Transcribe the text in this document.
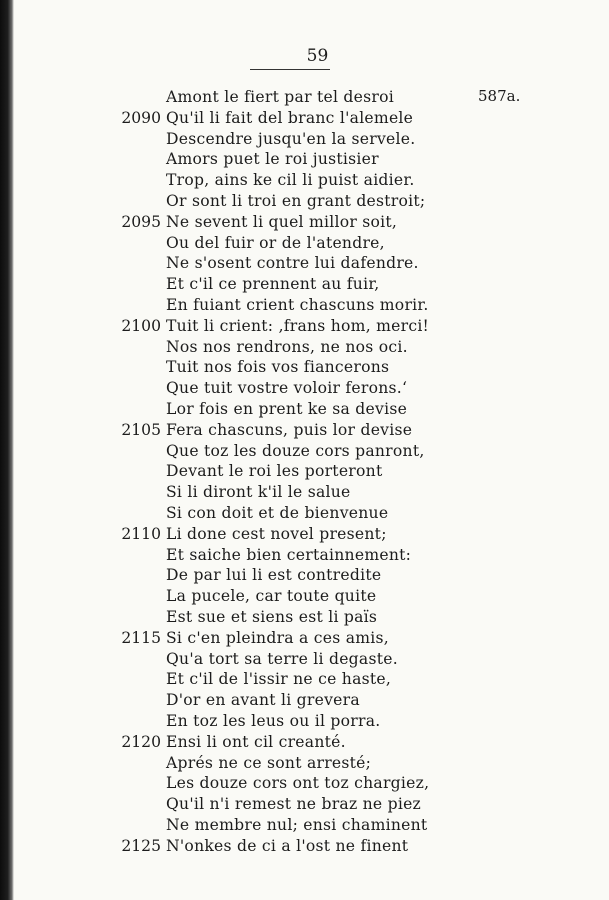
59
587a.
Amont le fiert par tel desroi
2090 Qu'il li fait del branc l'alemele
Descendre jusqu'en la servele.
Amors puet le roi justisier
Trop, ains ke cil li puist aidier.
Or sont li troi en grant destroit;
2095 Ne sevent li quel millor soit,
Ou del fuir or de l'atendre,
Ne s'osent contre lui dafendre.
Et c'il ce prennent au fuir,
En fuiant crient chascuns morir.
2100 Tuit li crient: ‚frans hom, merci!
Nos nos rendrons, ne nos oci.
Tuit nos fois vos fiancerons
Que tuit vostre voloir ferons.‘
Lor fois en prent ke sa devise
2105 Fera chascuns, puis lor devise
Que toz les douze cors panront,
Devant le roi les porteront
Si li diront k'il le salue
Si con doit et de bienvenue
2110 Li done cest novel present;
Et saiche bien certainnement:
De par lui li est contredite
La pucele, car toute quite
Est sue et siens est li païs
2115 Si c'en pleindra a ces amis,
Qu'a tort sa terre li degaste.
Et c'il de l'issir ne ce haste,
D'or en avant li grevera
En toz les leus ou il porra.
2120 Ensi li ont cil creanté.
Aprés ne ce sont arresté;
Les douze cors ont toz chargiez,
Qu'il n'i remest ne braz ne piez
Ne membre nul; ensi chaminent
2125 N'onkes de ci a l'ost ne finent
